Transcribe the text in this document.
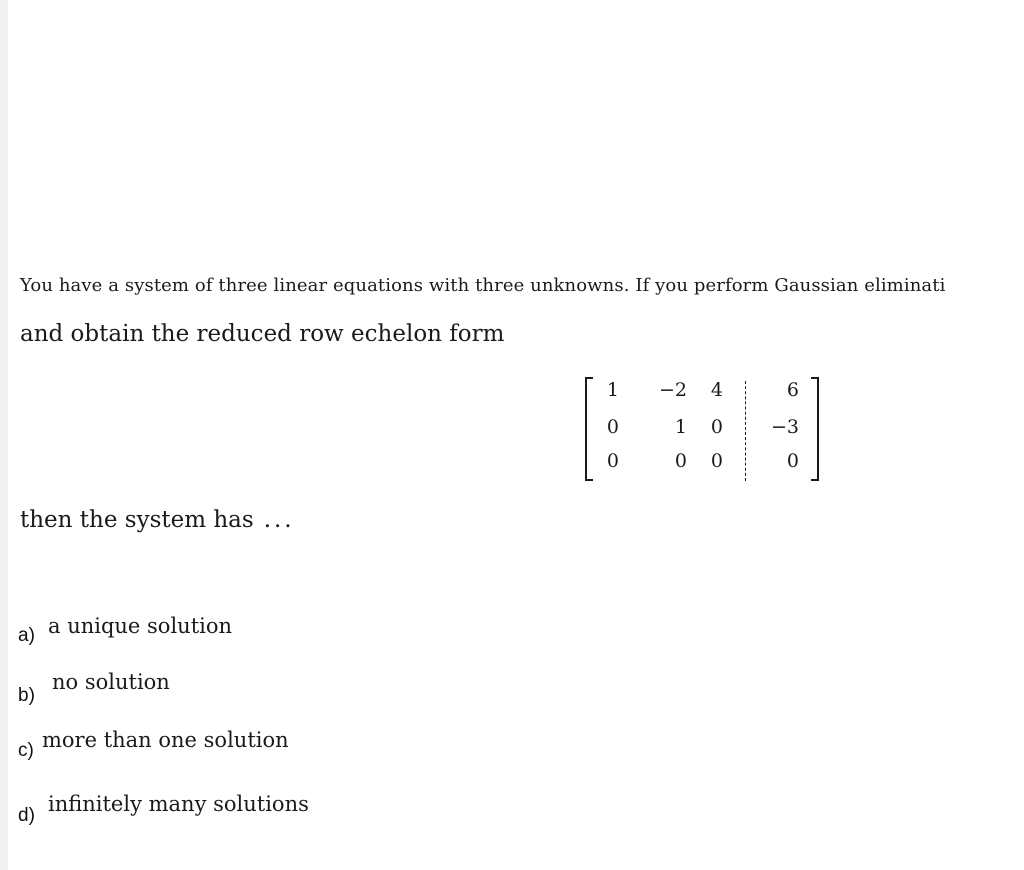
You have a system of three linear equations with three unknowns. If you perform Gaussian eliminati
and obtain the reduced row echelon form
1	−2	4	6
0	1	0	−3
0	0	0	0
then the system has ...
a) a unique solution
b)
no solution
c) more than one solution
d) infinitely many solutions
